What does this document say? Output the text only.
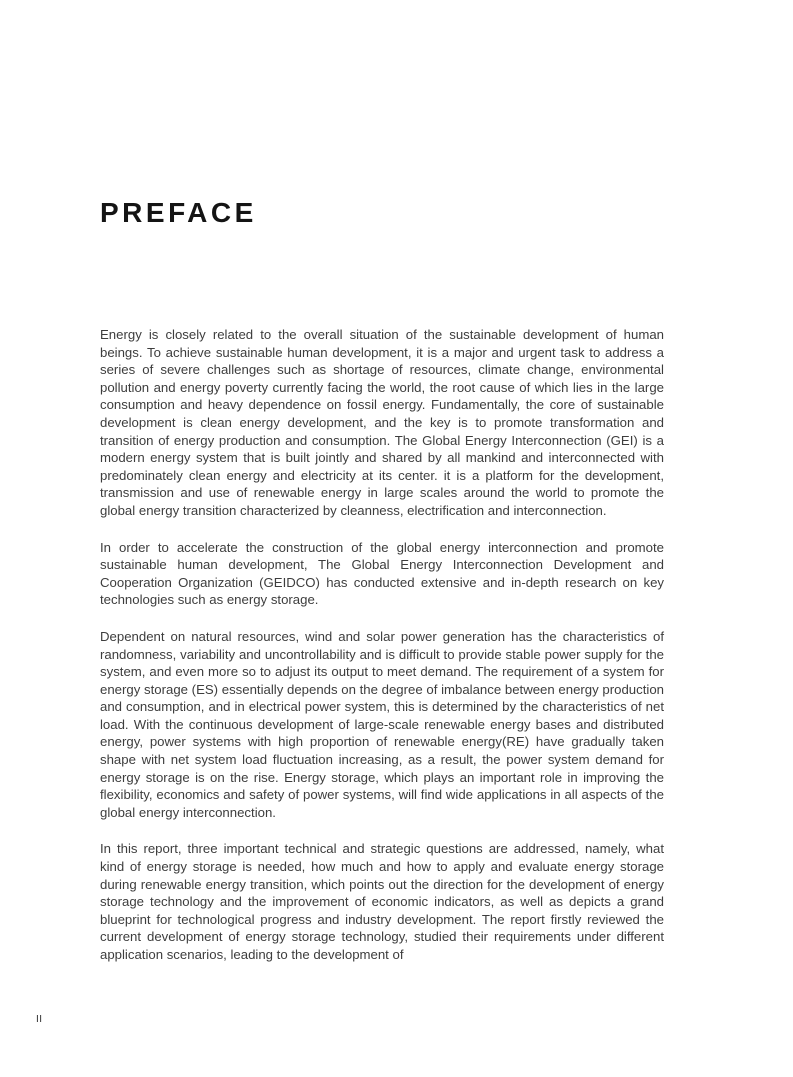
PREFACE

Energy is closely related to the overall situation of the sustainable development of human beings. To achieve sustainable human development, it is a major and urgent task to address a series of severe challenges such as shortage of resources, climate change, environmental pollution and energy poverty currently facing the world, the root cause of which lies in the large consumption and heavy dependence on fossil energy. Fundamentally, the core of sustainable development is clean energy development, and the key is to promote transformation and transition of energy production and consumption. The Global Energy Interconnection (GEI) is a modern energy system that is built jointly and shared by all mankind and interconnected with predominately clean energy and electricity at its center. it is a platform for the development, transmission and use of renewable energy in large scales around the world to promote the global energy transition characterized by cleanness, electrification and interconnection.

In order to accelerate the construction of the global energy interconnection and promote sustainable human development, The Global Energy Interconnection Development and Cooperation Organization (GEIDCO) has conducted extensive and in-depth research on key technologies such as energy storage.

Dependent on natural resources, wind and solar power generation has the characteristics of randomness, variability and uncontrollability and is difficult to provide stable power supply for the system, and even more so to adjust its output to meet demand. The requirement of a system for energy storage (ES) essentially depends on the degree of imbalance between energy production and consumption, and in electrical power system, this is determined by the characteristics of net load. With the continuous development of large-scale renewable energy bases and distributed energy, power systems with high proportion of renewable energy(RE) have gradually taken shape with net system load fluctuation increasing, as a result, the power system demand for energy storage is on the rise. Energy storage, which plays an important role in improving the flexibility, economics and safety of power systems, will find wide applications in all aspects of the global energy interconnection.

In this report, three important technical and strategic questions are addressed, namely, what kind of energy storage is needed, how much and how to apply and evaluate energy storage during renewable energy transition, which points out the direction for the development of energy storage technology and the improvement of economic indicators, as well as depicts a grand blueprint for technological progress and industry development. The report firstly reviewed the current development of energy storage technology, studied their requirements under different application scenarios, leading to the development of

II
